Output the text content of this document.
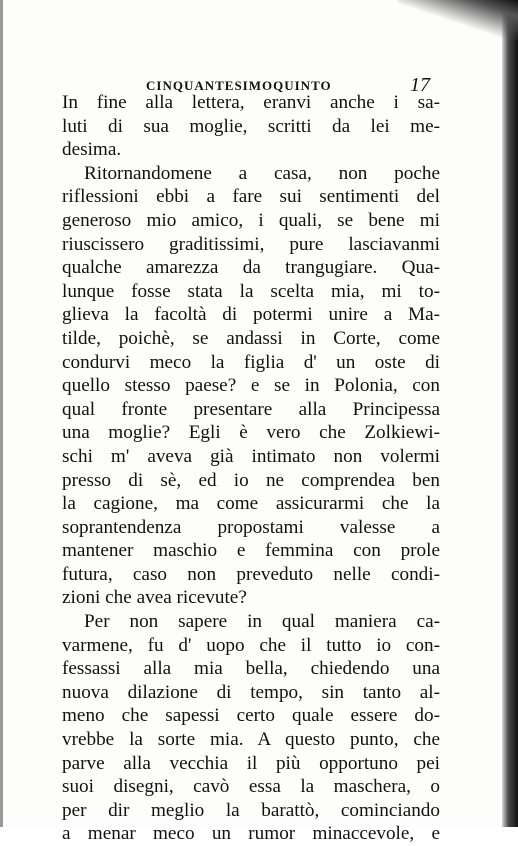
CINQUANTESIMOQUINTO	17
In fine alla lettera, eranvi anche i sa-
luti di sua moglie, scritti da lei me-
desima.
Ritornandomene a casa, non poche
riflessioni ebbi a fare sui sentimenti del
generoso mio amico, i quali, se bene mi
riuscissero graditissimi, pure lasciavanmi
qualche amarezza da trangugiare. Qua-
lunque fosse stata la scelta mia, mi to-
glieva la facoltà di potermi unire a Ma-
tilde, poichè, se andassi in Corte, come
condurvi meco la figlia d' un oste di
quello stesso paese? e se in Polonia, con
qual fronte presentare alla Principessa
una moglie? Egli è vero che Zolkiewi-
schi m' aveva già intimato non volermi
presso di sè, ed io ne comprendea ben
la cagione, ma come assicurarmi che la
soprantendenza propostami valesse a
mantener maschio e femmina con prole
futura, caso non preveduto nelle condi-
zioni che avea ricevute?
Per non sapere in qual maniera ca-
varmene, fu d' uopo che il tutto io con-
fessassi alla mia bella, chiedendo una
nuova dilazione di tempo, sin tanto al-
meno che sapessi certo quale essere do-
vrebbe la sorte mia. A questo punto, che
parve alla vecchia il più opportuno pei
suoi disegni, cavò essa la maschera, o
per dir meglio la barattò, cominciando
a menar meco un rumor minaccevole, e
